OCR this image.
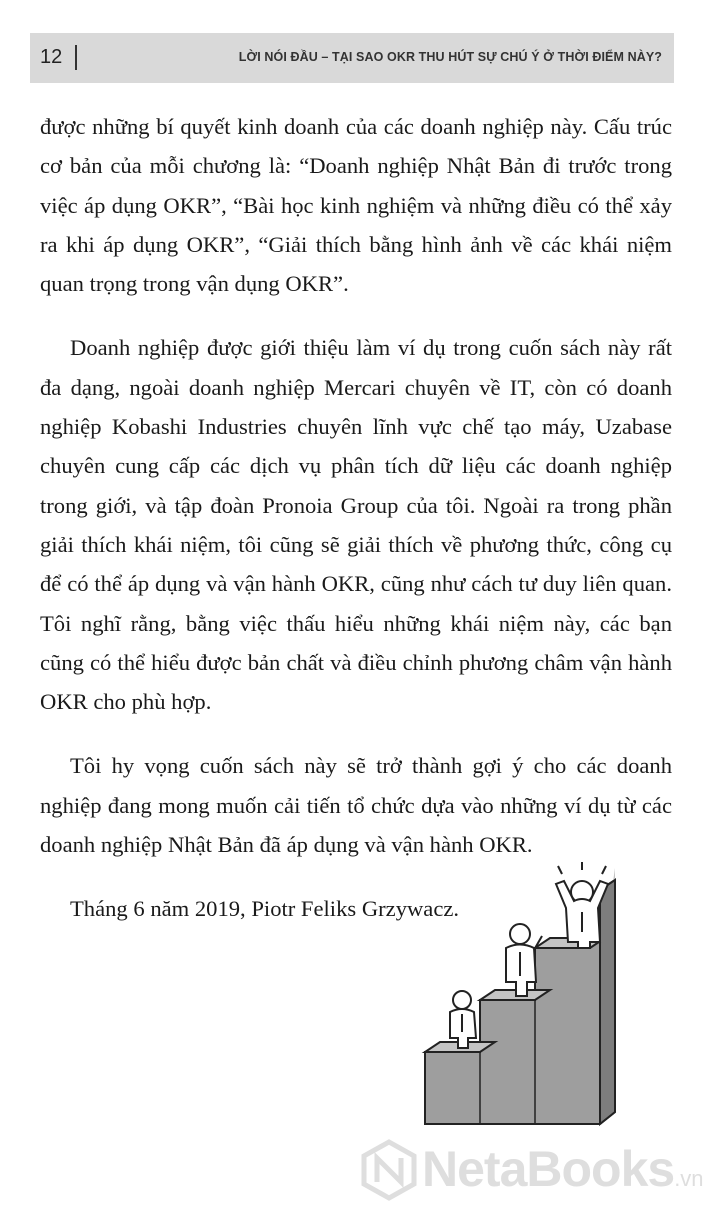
12	LỜI NÓI ĐẦU – TẠI SAO OKR THU HÚT SỰ CHÚ Ý Ở THỜI ĐIỂM NÀY?

được những bí quyết kinh doanh của các doanh nghiệp này. Cấu trúc cơ bản của mỗi chương là: “Doanh nghiệp Nhật Bản đi trước trong việc áp dụng OKR”, “Bài học kinh nghiệm và những điều có thể xảy ra khi áp dụng OKR”, “Giải thích bằng hình ảnh về các khái niệm quan trọng trong vận dụng OKR”.

Doanh nghiệp được giới thiệu làm ví dụ trong cuốn sách này rất đa dạng, ngoài doanh nghiệp Mercari chuyên về IT, còn có doanh nghiệp Kobashi Industries chuyên lĩnh vực chế tạo máy, Uzabase chuyên cung cấp các dịch vụ phân tích dữ liệu các doanh nghiệp trong giới, và tập đoàn Pronoia Group của tôi. Ngoài ra trong phần giải thích khái niệm, tôi cũng sẽ giải thích về phương thức, công cụ để có thể áp dụng và vận hành OKR, cũng như cách tư duy liên quan. Tôi nghĩ rằng, bằng việc thấu hiểu những khái niệm này, các bạn cũng có thể hiểu được bản chất và điều chỉnh phương châm vận hành OKR cho phù hợp.

Tôi hy vọng cuốn sách này sẽ trở thành gợi ý cho các doanh nghiệp đang mong muốn cải tiến tổ chức dựa vào những ví dụ từ các doanh nghiệp Nhật Bản đã áp dụng và vận hành OKR.

Tháng 6 năm 2019, Piotr Feliks Grzywacz.

NetaBooks.vn
